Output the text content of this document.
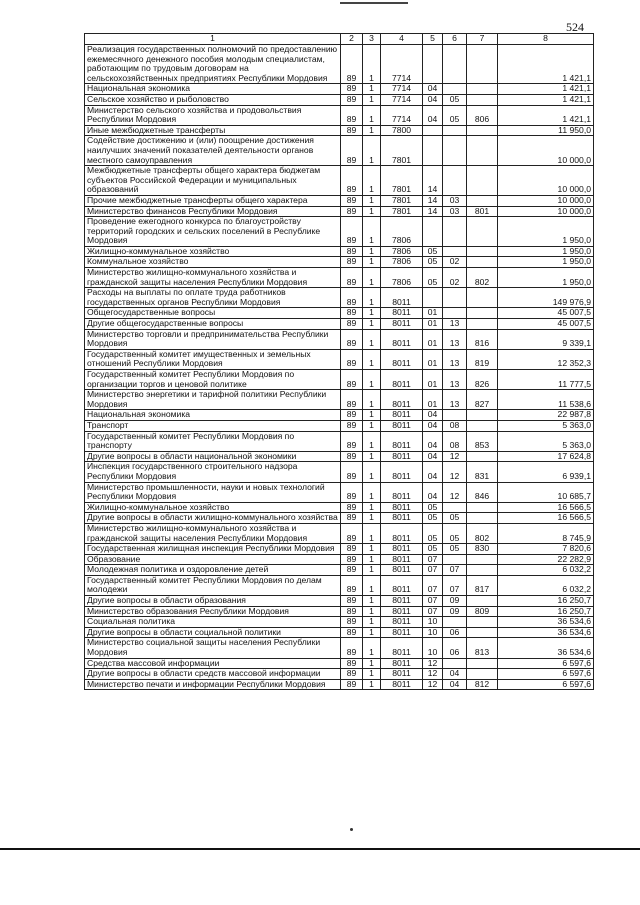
524
1	2	3	4	5	6	7	8
Реализация государственных полномочий по предоставлению ежемесячного денежного пособия молодым специалистам, работающим по трудовым договорам на сельскохозяйственных предприятиях Республики Мордовия	89	1	7714				1 421,1
Национальная экономика	89	1	7714	04			1 421,1
Сельское хозяйство и рыболовство	89	1	7714	04	05		1 421,1
Министерство сельского хозяйства и продовольствия Республики Мордовия	89	1	7714	04	05	806	1 421,1
Иные межбюджетные трансферты	89	1	7800				11 950,0
Содействие достижению и (или) поощрение достижения наилучших значений показателей деятельности органов местного самоуправления	89	1	7801				10 000,0
Межбюджетные трансферты общего характера бюджетам субъектов Российской Федерации и муниципальных образований	89	1	7801	14			10 000,0
Прочие межбюджетные трансферты общего характера	89	1	7801	14	03		10 000,0
Министерство финансов Республики Мордовия	89	1	7801	14	03	801	10 000,0
Проведение ежегодного конкурса по благоустройству территорий городских и сельских поселений в Республике Мордовия	89	1	7806				1 950,0
Жилищно-коммунальное хозяйство	89	1	7806	05			1 950,0
Коммунальное хозяйство	89	1	7806	05	02		1 950,0
Министерство жилищно-коммунального хозяйства и гражданской защиты населения Республики Мордовия	89	1	7806	05	02	802	1 950,0
Расходы на выплаты по оплате труда работников государственных органов Республики Мордовия	89	1	8011				149 976,9
Общегосударственные вопросы	89	1	8011	01			45 007,5
Другие общегосударственные вопросы	89	1	8011	01	13		45 007,5
Министерство торговли и предпринимательства Республики Мордовия	89	1	8011	01	13	816	9 339,1
Государственный комитет имущественных и земельных отношений Республики Мордовия	89	1	8011	01	13	819	12 352,3
Государственный комитет Республики Мордовия по организации торгов и ценовой политике	89	1	8011	01	13	826	11 777,5
Министерство энергетики и тарифной политики Республики Мордовия	89	1	8011	01	13	827	11 538,6
Национальная экономика	89	1	8011	04			22 987,8
Транспорт	89	1	8011	04	08		5 363,0
Государственный комитет Республики Мордовия по транспорту	89	1	8011	04	08	853	5 363,0
Другие вопросы в области национальной экономики	89	1	8011	04	12		17 624,8
Инспекция государственного строительного надзора Республики Мордовия	89	1	8011	04	12	831	6 939,1
Министерство промышленности, науки и новых технологий Республики Мордовия	89	1	8011	04	12	846	10 685,7
Жилищно-коммунальное хозяйство	89	1	8011	05			16 566,5
Другие вопросы в области жилищно-коммунального хозяйства	89	1	8011	05	05		16 566,5
Министерство жилищно-коммунального хозяйства и гражданской защиты населения Республики Мордовия	89	1	8011	05	05	802	8 745,9
Государственная жилищная инспекция Республики Мордовия	89	1	8011	05	05	830	7 820,6
Образование	89	1	8011	07			22 282,9
Молодежная политика и оздоровление детей	89	1	8011	07	07		6 032,2
Государственный комитет Республики Мордовия по делам молодежи	89	1	8011	07	07	817	6 032,2
Другие вопросы в области образования	89	1	8011	07	09		16 250,7
Министерство образования Республики Мордовия	89	1	8011	07	09	809	16 250,7
Социальная политика	89	1	8011	10			36 534,6
Другие вопросы в области социальной политики	89	1	8011	10	06		36 534,6
Министерство социальной защиты населения Республики Мордовия	89	1	8011	10	06	813	36 534,6
Средства массовой информации	89	1	8011	12			6 597,6
Другие вопросы в области средств массовой информации	89	1	8011	12	04		6 597,6
Министерство печати и информации Республики Мордовия	89	1	8011	12	04	812	6 597,6
